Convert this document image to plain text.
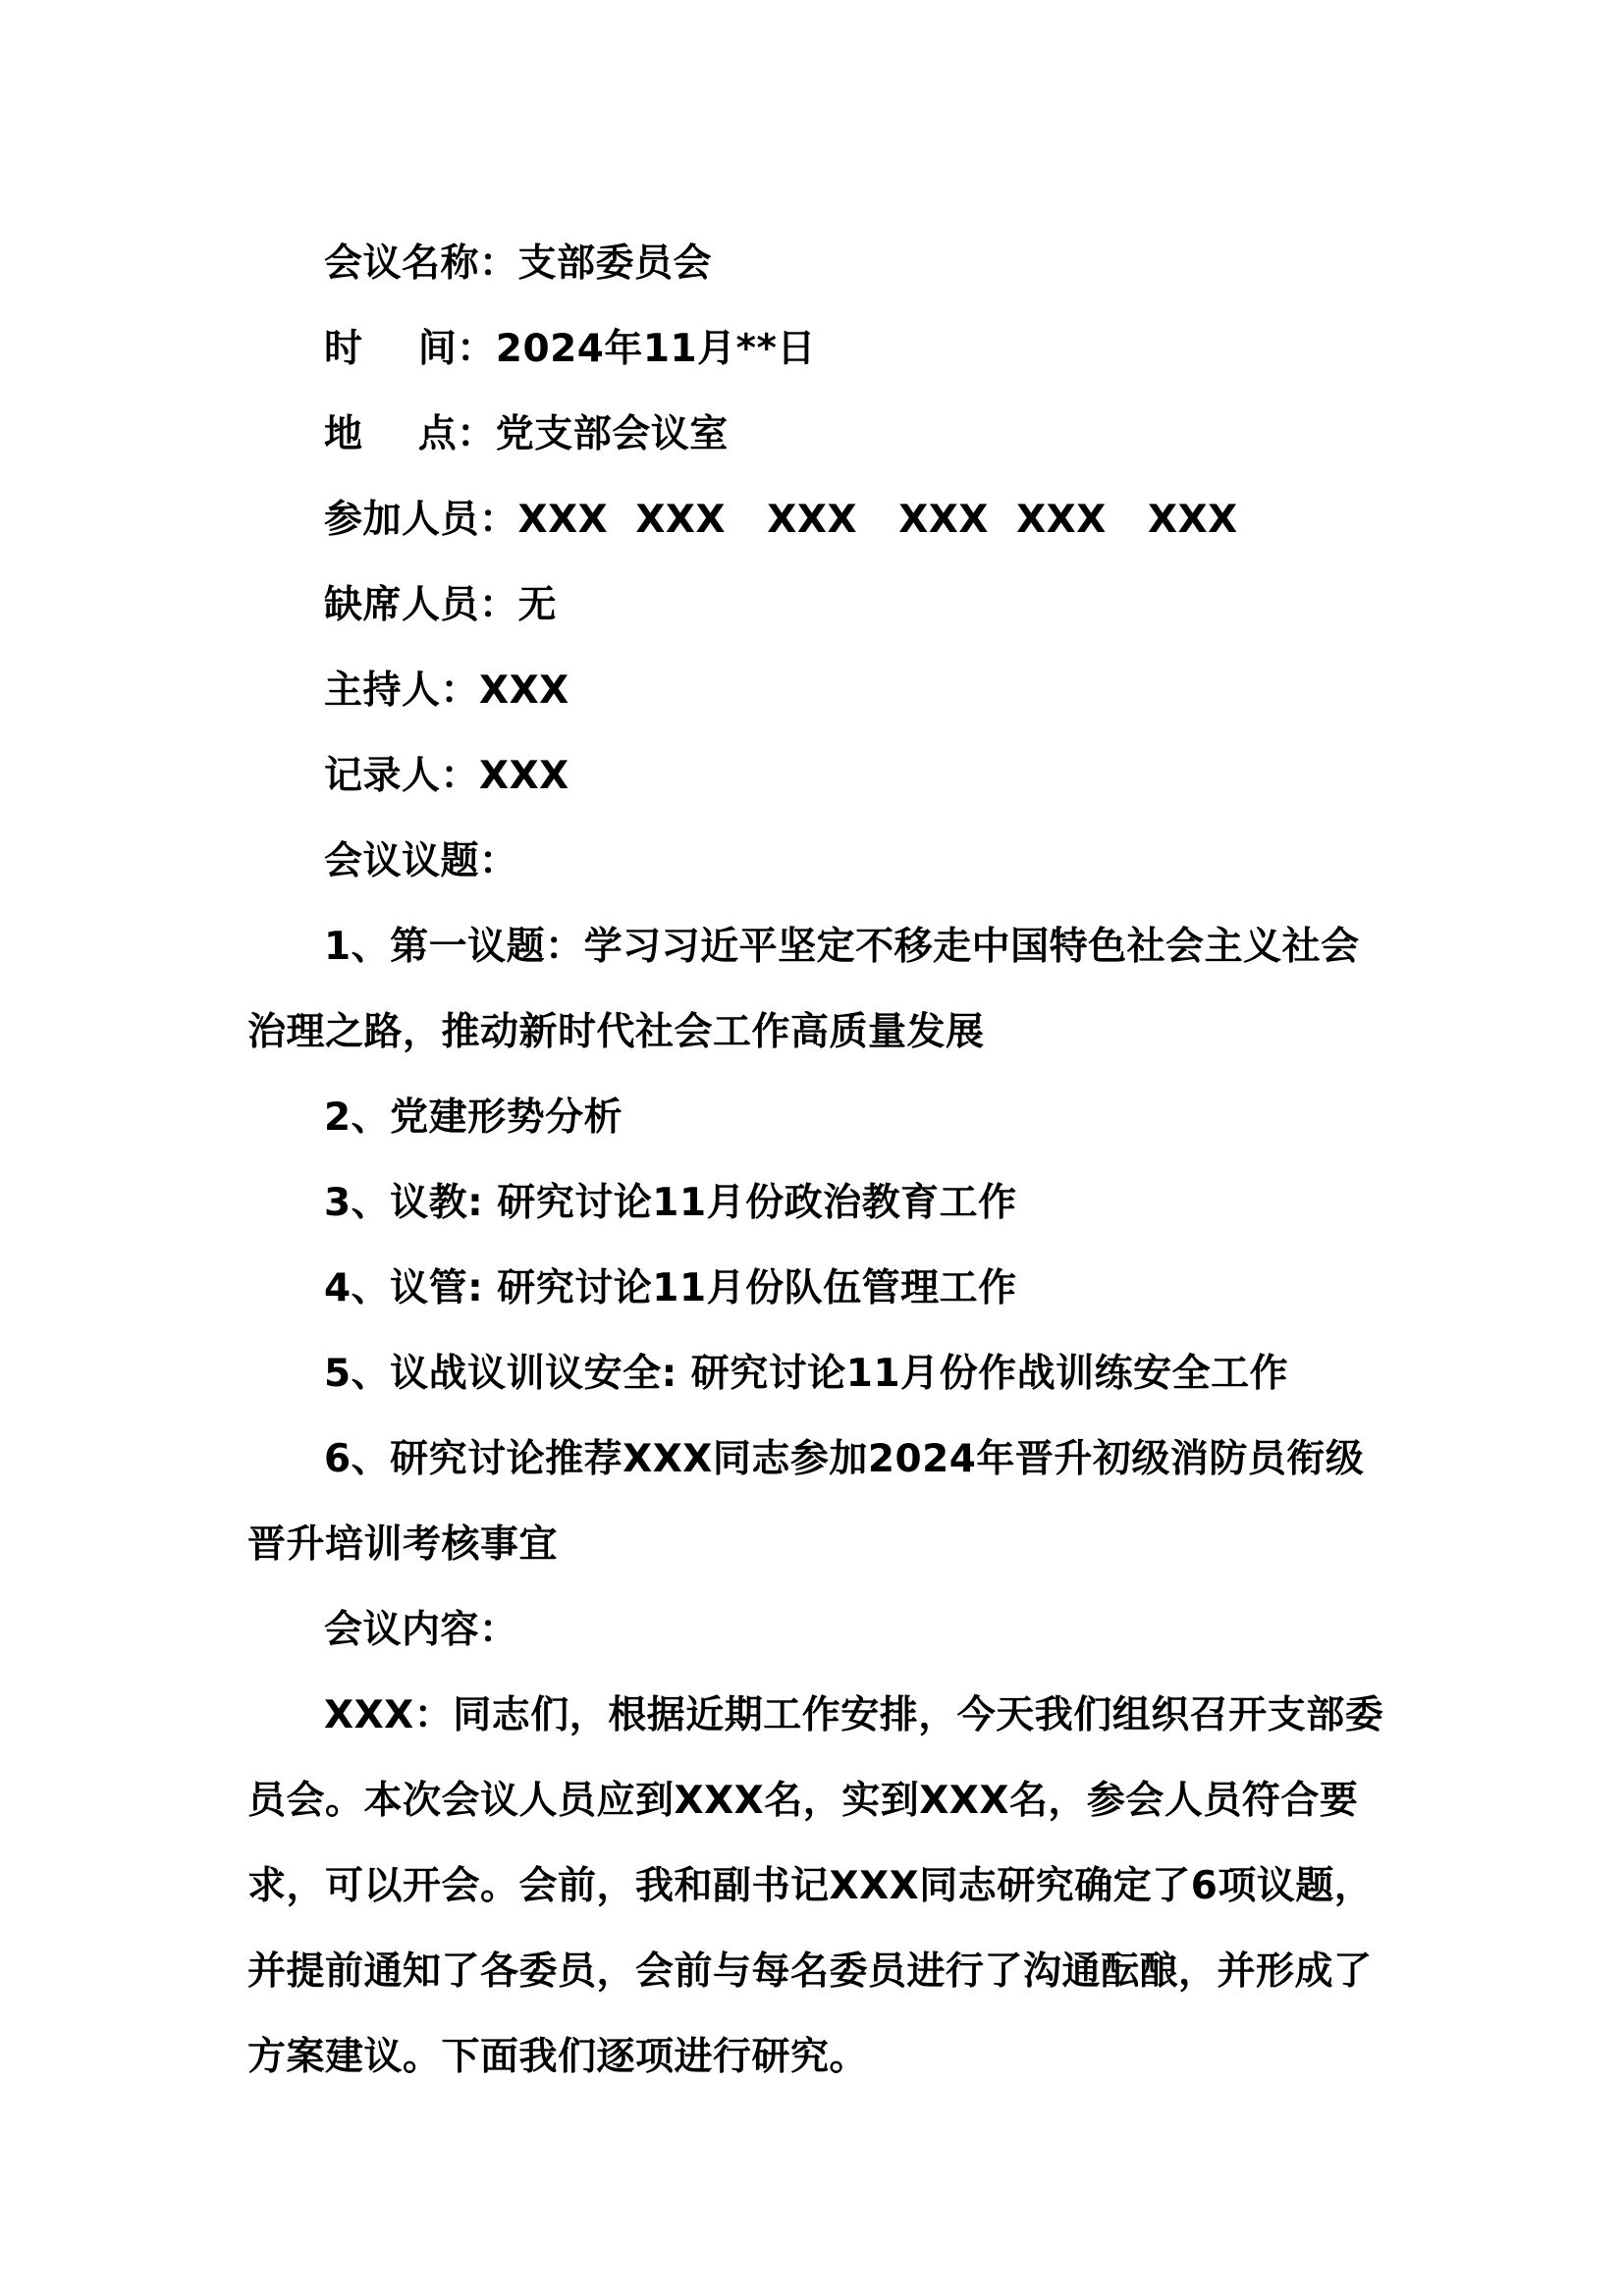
会议名称：支部委员会
时    间：2024年11月**日
地    点：党支部会议室
参加人员：XXX  XXX   XXX   XXX  XXX   XXX
缺席人员：无
主持人：XXX
记录人：XXX
会议议题：
1、第一议题：学习习近平坚定不移走中国特色社会主义社会
治理之路，推动新时代社会工作高质量发展
2、党建形势分析
3、议教: 研究讨论11月份政治教育工作
4、议管: 研究讨论11月份队伍管理工作
5、议战议训议安全: 研究讨论11月份作战训练安全工作
6、研究讨论推荐XXX同志参加2024年晋升初级消防员衔级
晋升培训考核事宜
会议内容：
XXX：同志们，根据近期工作安排，今天我们组织召开支部委
员会。本次会议人员应到XXX名，实到XXX名，参会人员符合要
求，可以开会。会前，我和副书记XXX同志研究确定了6项议题，
并提前通知了各委员，会前与每名委员进行了沟通酝酿，并形成了
方案建议。下面我们逐项进行研究。
